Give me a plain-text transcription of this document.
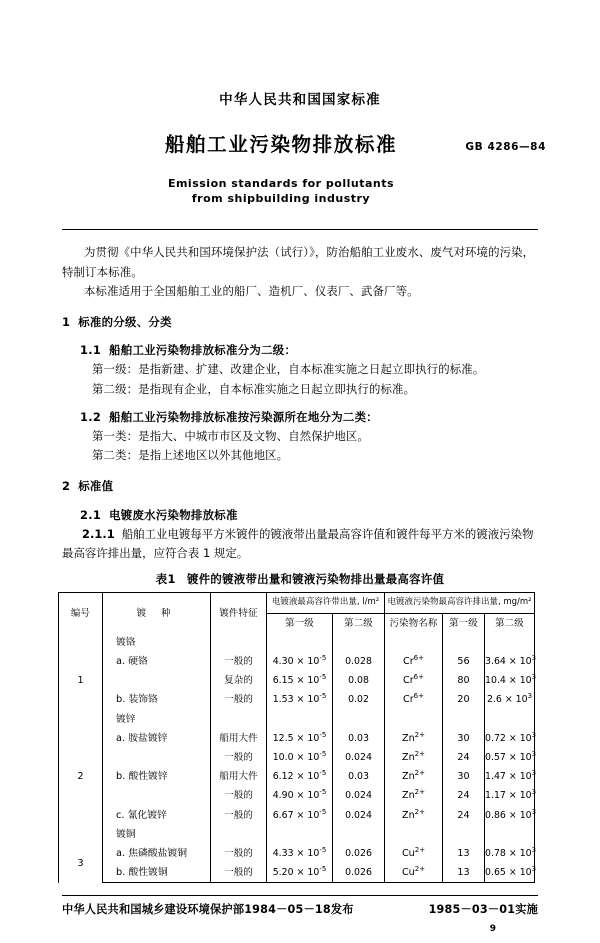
中华人民共和国国家标准
船舶工业污染物排放标准	GB 4286—84
Emission standards for pollutants
from shipbuilding industry
为贯彻《中华人民共和国环境保护法（试行）》，防治船舶工业废水、废气对环境的污染，特制订本标准。
本标准适用于全国船舶工业的船厂、造机厂、仪表厂、武备厂等。
1 标准的分级、分类
1.1 船舶工业污染物排放标准分为二级：
第一级：是指新建、扩建、改建企业，自本标准实施之日起立即执行的标准。
第二级：是指现有企业，自本标准实施之日起立即执行的标准。
1.2 船舶工业污染物排放标准按污染源所在地分为二类：
第一类：是指大、中城市市区及文物、自然保护地区。
第二类：是指上述地区以外其他地区。
2 标准值
2.1 电镀废水污染物排放标准
2.1.1 船舶工业电镀每平方米镀件的镀液带出量最高容许值和镀件每平方米的镀液污染物最高容许排出量，应符合表 1 规定。
表1 镀件的镀液带出量和镀液污染物排出量最高容许值
编号	镀 种	镀件特征	电镀液最高容许带出量, l/m²		电镀液污染物最高容许排出量, mg/m²		
			第一级	第二级	污染物名称	第一级	第二级
	镀铬						
1	a. 硬铬	一般的	$4.30 \times 10^{-5}$	0.028	$Cr^{6+}$	56	$3.64 \times 10^3$
		复杂的	$6.15 \times 10^{-5}$	0.08	$Cr^{6+}$	80	$10.4 \times 10^3$
	b. 装饰铬	一般的	$1.53 \times 10^{-5}$	0.02	$Cr^{6+}$	20	$2.6 \times 10^3$
	镀锌						
2	a. 胺盐镀锌	船用大件	$12.5 \times 10^{-5}$	0.03	$Zn^{2+}$	30	$0.72 \times 10^3$
		一般的	$10.0 \times 10^{-5}$	0.024	$Zn^{2+}$	24	$0.57 \times 10^3$
	b. 酸性镀锌	船用大件	$6.12 \times 10^{-5}$	0.03	$Zn^{2+}$	30	$1.47 \times 10^3$
		一般的	$4.90 \times 10^{-5}$	0.024	$Zn^{2+}$	24	$1.17 \times 10^3$
	c. 氰化镀锌	一般的	$6.67 \times 10^{-5}$	0.024	$Zn^{2+}$	24	$0.86 \times 10^3$
	镀铜						
3	a. 焦磷酸盐镀铜	一般的	$4.33 \times 10^{-5}$	0.026	$Cu^{2+}$	13	$0.78 \times 10^3$
	b. 酸性镀铜	一般的	$5.20 \times 10^{-5}$	0.026	$Cu^{2+}$	13	$0.65 \times 10^3$
中华人民共和国城乡建设环境保护部1984－05－18发布	1985－03－01实施
9
